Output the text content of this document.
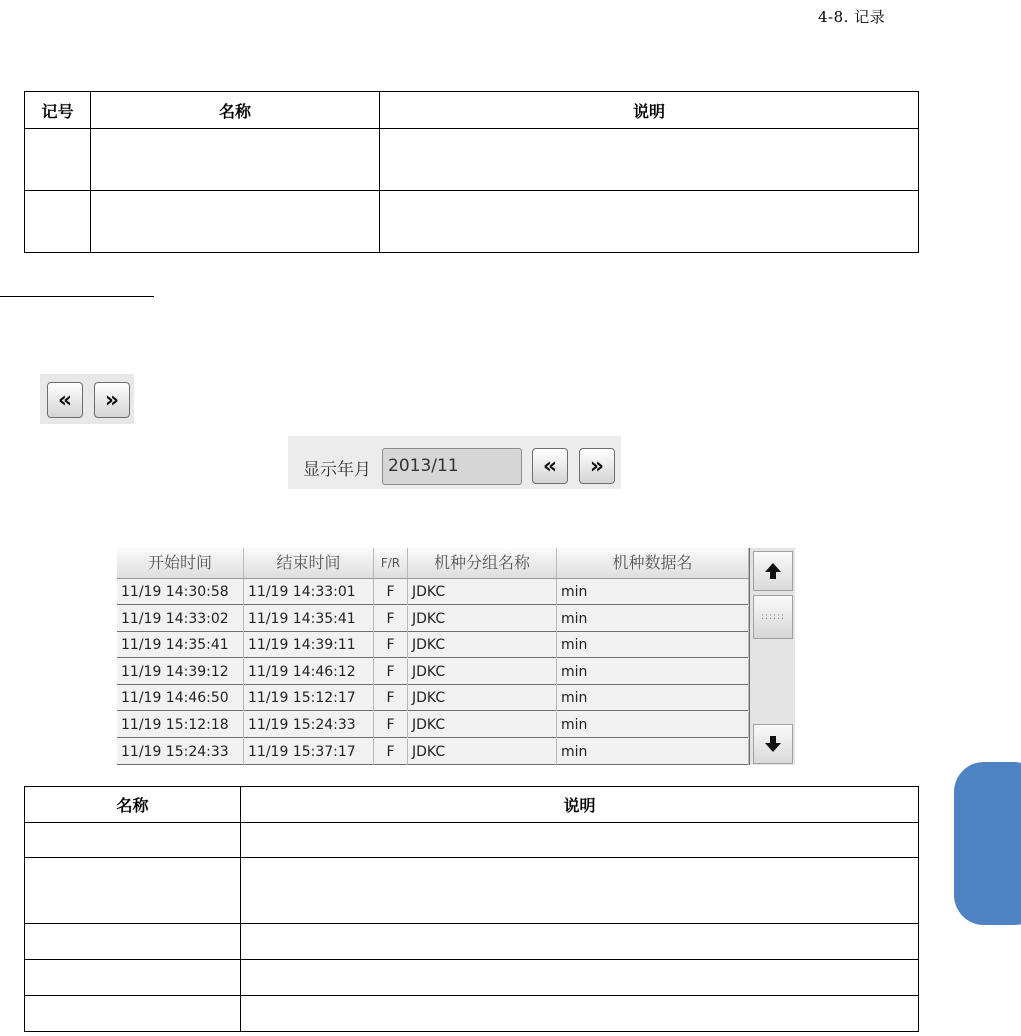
4-8. 记录
记号	名称	说明

« »
显示年月	2013/11	« »
开始时间	结束时间	F/R	机种分组名称	机种数据名
11/19 14:30:58	11/19 14:33:01	F	JDKC	min
11/19 14:33:02	11/19 14:35:41	F	JDKC	min
11/19 14:35:41	11/19 14:39:11	F	JDKC	min
11/19 14:39:12	11/19 14:46:12	F	JDKC	min
11/19 14:46:50	11/19 15:12:17	F	JDKC	min
11/19 15:12:18	11/19 15:24:33	F	JDKC	min
11/19 15:24:33	11/19 15:37:17	F	JDKC	min
::::::
名称	说明
